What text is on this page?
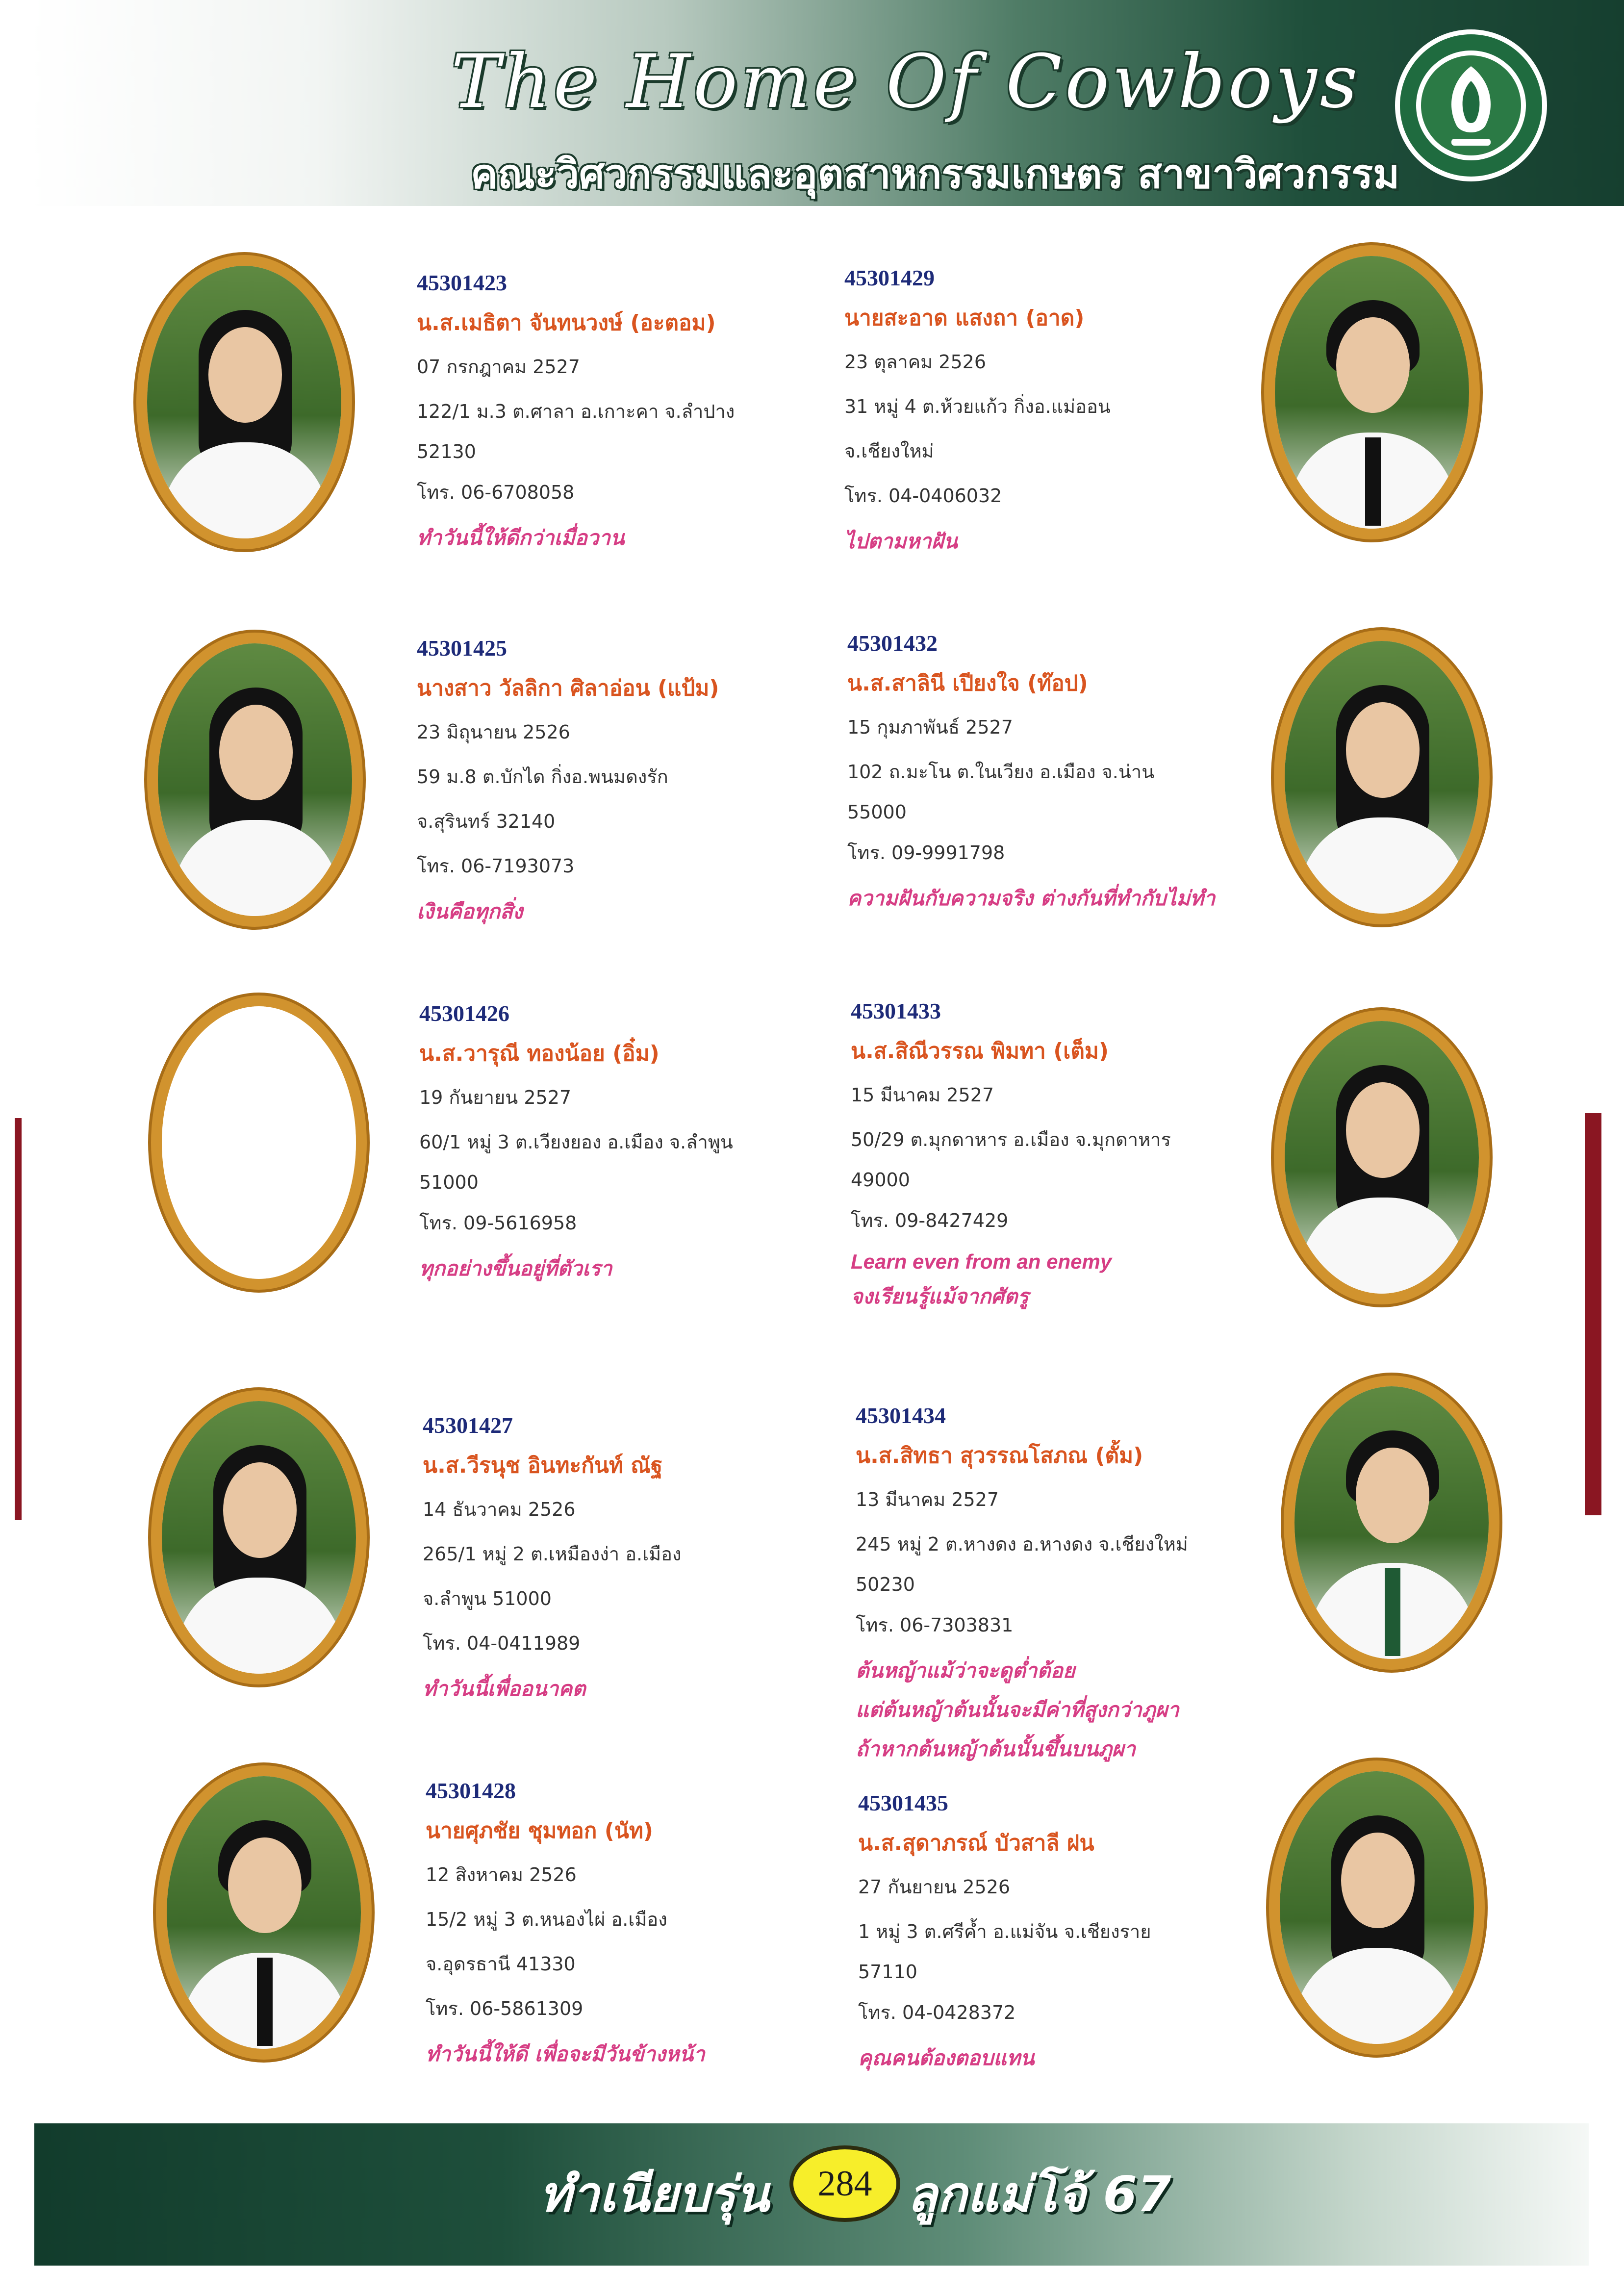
The Home Of Cowboys
คณะวิศวกรรมและอุตสาหกรรมเกษตร สาขาวิศวกรรม
45301423
น.ส.เมธิตา จันทนวงษ์ (อะตอม)
07 กรกฎาคม 2527
122/1 ม.3 ต.ศาลา อ.เกาะคา จ.ลำปาง
52130
โทร. 06-6708058
ทำวันนี้ให้ดีกว่าเมื่อวาน
45301429
นายสะอาด แสงถา (อาด)
23 ตุลาคม 2526
31 หมู่ 4 ต.ห้วยแก้ว กิ่งอ.แม่ออน
จ.เชียงใหม่
โทร. 04-0406032
ไปตามหาฝัน
45301425
นางสาว วัลลิกา ศิลาอ่อน (แป้ม)
23 มิถุนายน 2526
59 ม.8 ต.บักได กิ่งอ.พนมดงรัก
จ.สุรินทร์ 32140
โทร. 06-7193073
เงินคือทุกสิ่ง
45301432
น.ส.สาลินี เปียงใจ (ท๊อป)
15 กุมภาพันธ์ 2527
102 ถ.มะโน ต.ในเวียง อ.เมือง จ.น่าน
55000
โทร. 09-9991798
ความฝันกับความจริง ต่างกันที่ทำกับไม่ทำ
45301426
น.ส.วารุณี ทองน้อย (อิ๋ม)
19 กันยายน 2527
60/1 หมู่ 3 ต.เวียงยอง อ.เมือง จ.ลำพูน
51000
โทร. 09-5616958
ทุกอย่างขึ้นอยู่ที่ตัวเรา
45301433
น.ส.สิณีวรรณ พิมทา (เต็ม)
15 มีนาคม 2527
50/29 ต.มุกดาหาร อ.เมือง จ.มุกดาหาร
49000
โทร. 09-8427429
Learn even from an enemy
จงเรียนรู้แม้จากศัตรู
45301427
น.ส.วีรนุช อินทะกันท์ ณัฐ
14 ธันวาคม 2526
265/1 หมู่ 2 ต.เหมืองง่า อ.เมือง
จ.ลำพูน 51000
โทร. 04-0411989
ทำวันนี้เพื่ออนาคต
45301434
น.ส.สิทธา สุวรรณโสภณ (ตั้ม)
13 มีนาคม 2527
245 หมู่ 2 ต.หางดง อ.หางดง จ.เชียงใหม่
50230
โทร. 06-7303831
ต้นหญ้าแม้ว่าจะดูต่ำต้อย
แต่ต้นหญ้าต้นนั้นจะมีค่าที่สูงกว่าภูผา
ถ้าหากต้นหญ้าต้นนั้นขึ้นบนภูผา
45301428
นายศุภชัย ชุมทอก (นัท)
12 สิงหาคม 2526
15/2 หมู่ 3 ต.หนองไผ่ อ.เมือง
จ.อุดรธานี 41330
โทร. 06-5861309
ทำวันนี้ให้ดี เพื่อจะมีวันข้างหน้า
45301435
น.ส.สุดาภรณ์ บัวสาลี ฝน
27 กันยายน 2526
1 หมู่ 3 ต.ศรีค้ำ อ.แม่จัน จ.เชียงราย
57110
โทร. 04-0428372
คุณคนต้องตอบแทน
ทำเนียบรุ่น	284 ลูกแม่โจ้ 67
